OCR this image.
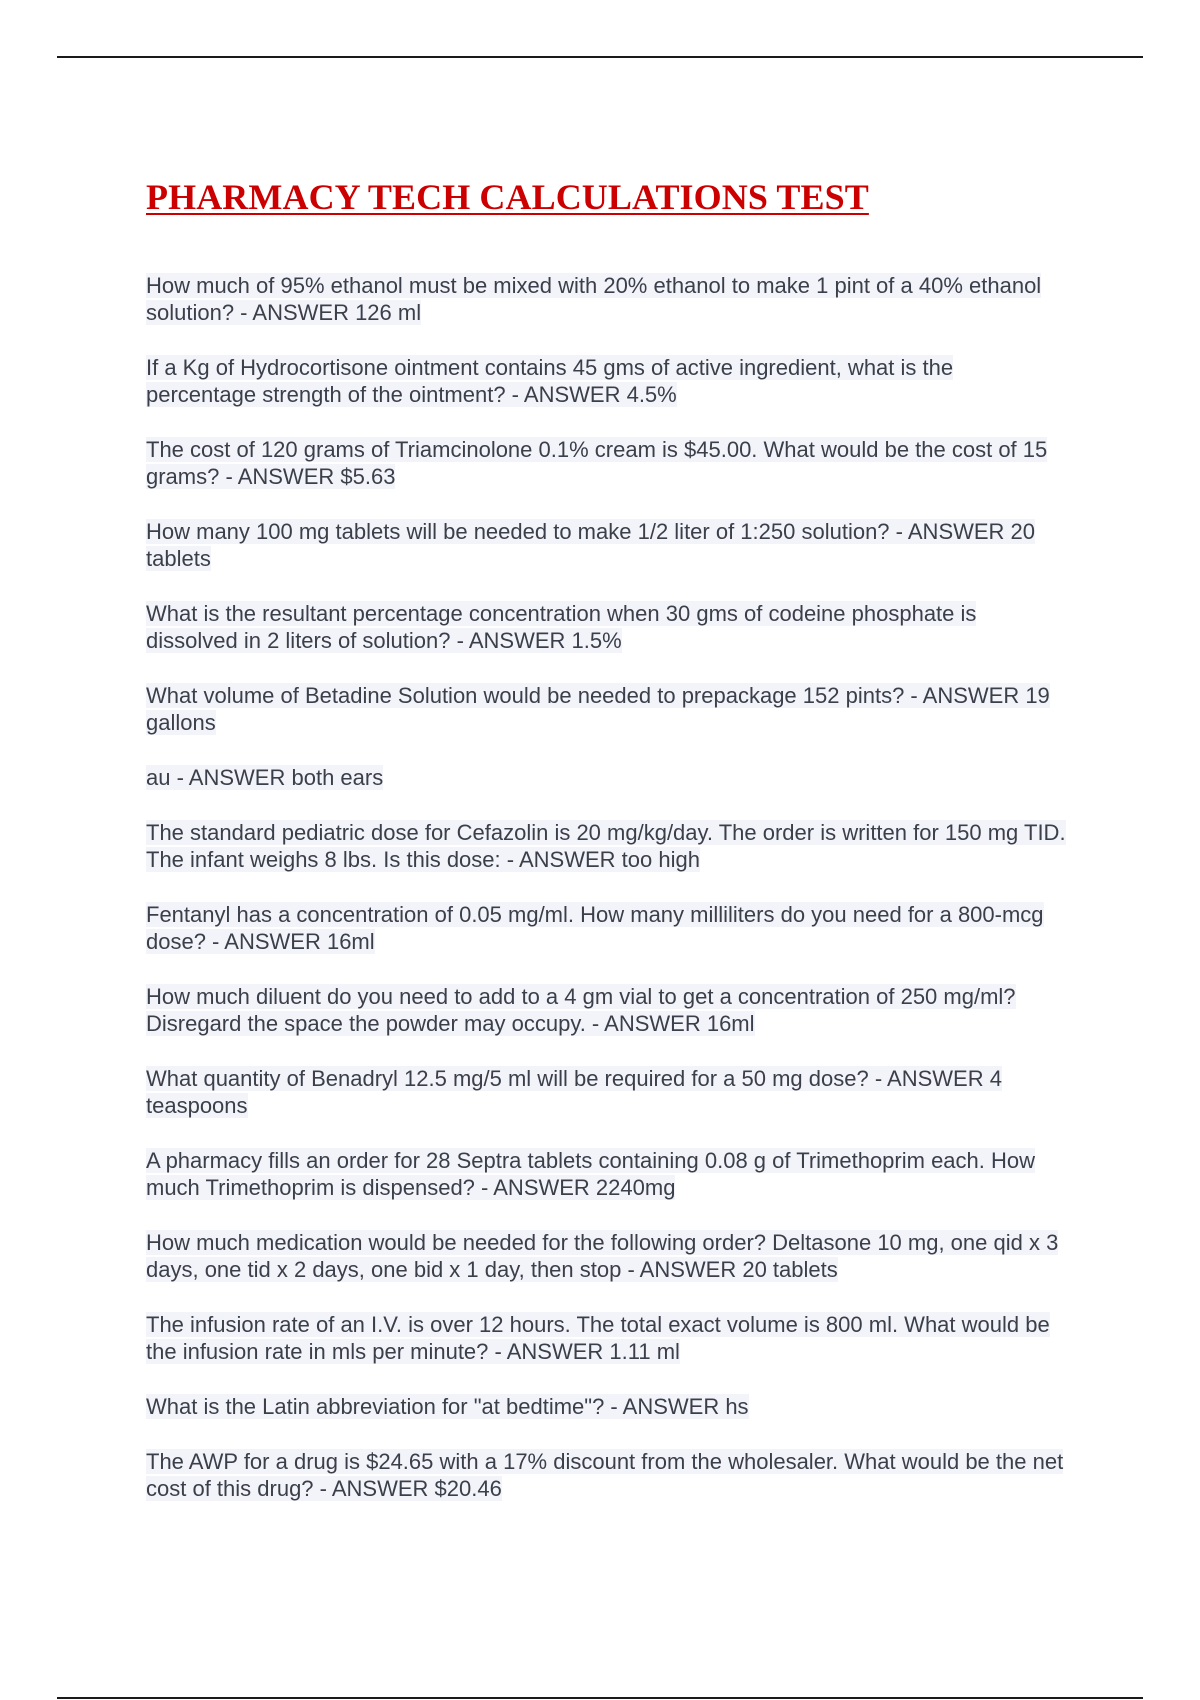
PHARMACY TECH CALCULATIONS TEST
How much of 95% ethanol must be mixed with 20% ethanol to make 1 pint of a 40% ethanol solution? - ANSWER 126 ml
If a Kg of Hydrocortisone ointment contains 45 gms of active ingredient, what is the percentage strength of the ointment? - ANSWER 4.5%
The cost of 120 grams of Triamcinolone 0.1% cream is $45.00. What would be the cost of 15 grams? - ANSWER $5.63
How many 100 mg tablets will be needed to make 1/2 liter of 1:250 solution? - ANSWER 20 tablets
What is the resultant percentage concentration when 30 gms of codeine phosphate is dissolved in 2 liters of solution? - ANSWER 1.5%
What volume of Betadine Solution would be needed to prepackage 152 pints? - ANSWER 19 gallons
au - ANSWER both ears
The standard pediatric dose for Cefazolin is 20 mg/kg/day. The order is written for 150 mg TID. The infant weighs 8 lbs. Is this dose: - ANSWER too high
Fentanyl has a concentration of 0.05 mg/ml. How many milliliters do you need for a 800-mcg dose? - ANSWER 16ml
How much diluent do you need to add to a 4 gm vial to get a concentration of 250 mg/ml? Disregard the space the powder may occupy. - ANSWER 16ml
What quantity of Benadryl 12.5 mg/5 ml will be required for a 50 mg dose? - ANSWER 4 teaspoons
A pharmacy fills an order for 28 Septra tablets containing 0.08 g of Trimethoprim each. How much Trimethoprim is dispensed? - ANSWER 2240mg
How much medication would be needed for the following order? Deltasone 10 mg, one qid x 3 days, one tid x 2 days, one bid x 1 day, then stop - ANSWER 20 tablets
The infusion rate of an I.V. is over 12 hours. The total exact volume is 800 ml. What would be the infusion rate in mls per minute? - ANSWER 1.11 ml
What is the Latin abbreviation for "at bedtime"? - ANSWER hs
The AWP for a drug is $24.65 with a 17% discount from the wholesaler. What would be the net cost of this drug? - ANSWER $20.46
